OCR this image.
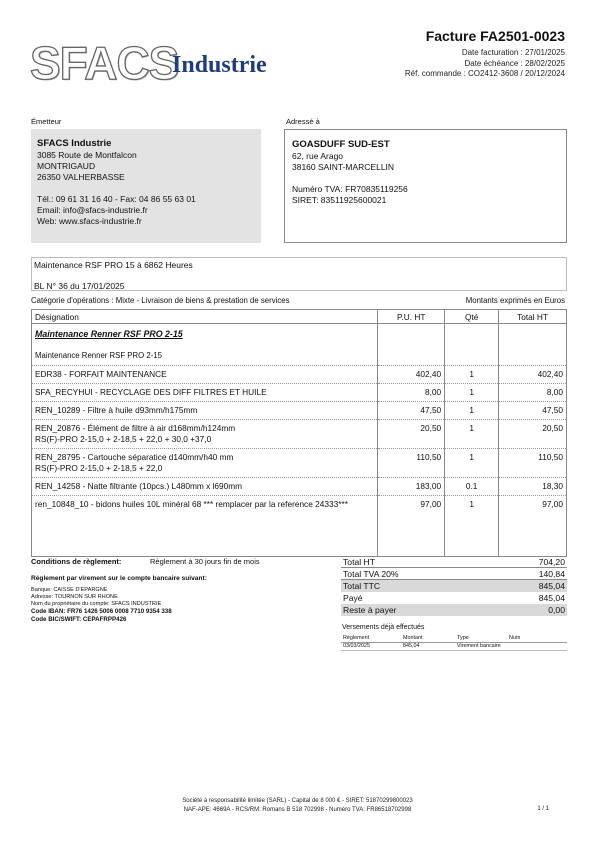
SFACS
Industrie
Facture FA2501-0023
Date facturation : 27/01/2025
Date échéance : 28/02/2025
Réf. commande : CO2412-3608 / 20/12/2024
Émetteur
SFACS Industrie
3085 Route de Montfalcon
MONTRIGAUD
26350 VALHERBASSE
Tél.: 09 61 31 16 40 - Fax: 04 86 55 63 01
Email: info@sfacs-industrie.fr
Web: www.sfacs-industrie.fr
Adressé à
GOASDUFF SUD-EST
62, rue Arago
38160 SAINT-MARCELLIN
Numéro TVA: FR70835119256
SIRET: 83511925600021
Maintenance RSF PRO 15 à 6862 Heures
BL N° 36 du 17/01/2025
Catégorie d'opérations : Mixte - Livraison de biens & prestation de services	Montants exprimés en Euros
Désignation	P.U. HT	Qté	Total HT
Maintenance Renner RSF PRO 2-15			
Maintenance Renner RSF PRO 2-15			
EDR38 - FORFAIT MAINTENANCE	402,40	1	402,40
SFA_RECYHUI - RECYCLAGE DES DIFF FILTRES ET HUILE	8,00	1	8,00
REN_10289 - Filtre à huile d93mm/h175mm	47,50	1	47,50
REN_20876 - Élément de filtre à air d168mm/h124mm
RS(F)-PRO 2-15,0 + 2-18,5 + 22,0 + 30,0 +37,0	20,50	1	20,50
REN_28795 - Cartouche séparatice d140mm/h40 mm
RS(F)-PRO 2-15,0 + 2-18,5 + 22,0	110,50	1	110,50
REN_14258 - Natte filtrante (10pcs.) L480mm x l690mm	183,00	0.1	18,30
ren_10848_10 - bidons huiles 10L minéral 68 *** remplacer par la reference 24333***	97,00	1	97,00
Conditions de règlement:	Règlement à 30 jours fin de mois
Règlement par virement sur le compte bancaire suivant:
Banque: CAISSE D'EPARGNE
Adresse: TOURNON SUR RHONE
Nom du propriétaire du compte: SFACS INDUSTRIE
Code IBAN: FR76 1426 5006 0008 7710 9354 338
Code BIC/SWIFT: CEPAFRPP426
Total HT	704,20
Total TVA 20%	140,84
Total TTC	845,04
Payé	845,04
Reste à payer	0,00
Versements déjà effectués
Règlement	Montant	Type	Num
03/03/2025	845,04	Virement bancaire	
Société à responsabilité limitée (SARL) - Capital de 8 000 € - SIRET: 51870299800023
NAF-APE: 4669A - RCS/RM: Romans B 518 702998 - Numéro TVA: FR86518702998	1 / 1
